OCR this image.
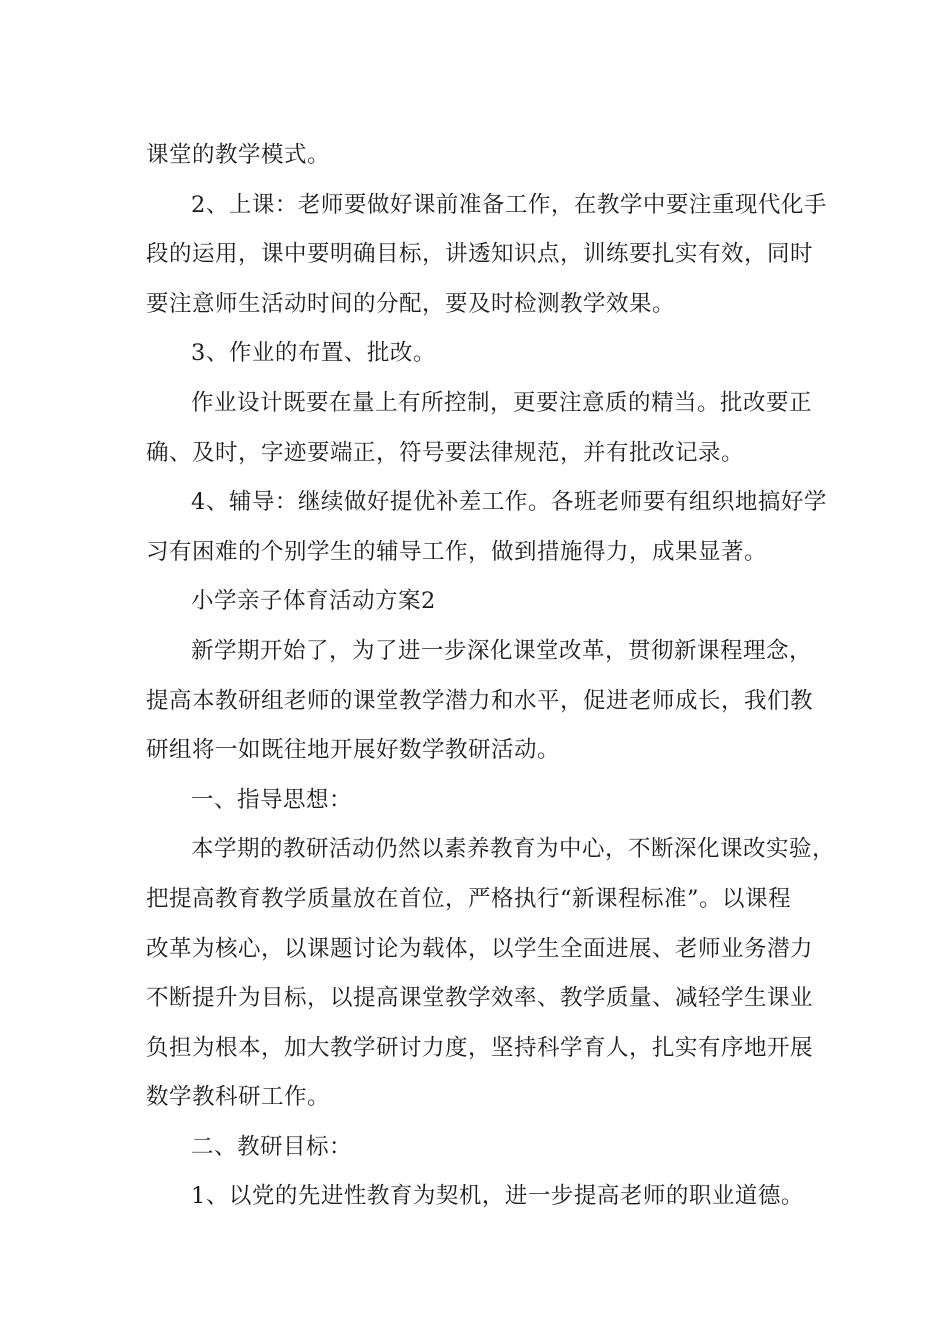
课堂的教学模式。
2、上课：老师要做好课前准备工作，在教学中要注重现代化手
段的运用，课中要明确目标，讲透知识点，训练要扎实有效，同时
要注意师生活动时间的分配，要及时检测教学效果。
3、作业的布置、批改。
作业设计既要在量上有所控制，更要注意质的精当。批改要正
确、及时，字迹要端正，符号要法律规范，并有批改记录。
4、辅导：继续做好提优补差工作。各班老师要有组织地搞好学
习有困难的个别学生的辅导工作，做到措施得力，成果显著。
小学亲子体育活动方案2
新学期开始了，为了进一步深化课堂改革，贯彻新课程理念，
提高本教研组老师的课堂教学潜力和水平，促进老师成长，我们教
研组将一如既往地开展好数学教研活动。
一、指导思想：
本学期的教研活动仍然以素养教育为中心，不断深化课改实验，
把提高教育教学质量放在首位，严格执行“新课程标准”。以课程
改革为核心，以课题讨论为载体，以学生全面进展、老师业务潜力
不断提升为目标，以提高课堂教学效率、教学质量、减轻学生课业
负担为根本，加大教学研讨力度，坚持科学育人，扎实有序地开展
数学教科研工作。
二、教研目标：
1、以党的先进性教育为契机，进一步提高老师的职业道德。
